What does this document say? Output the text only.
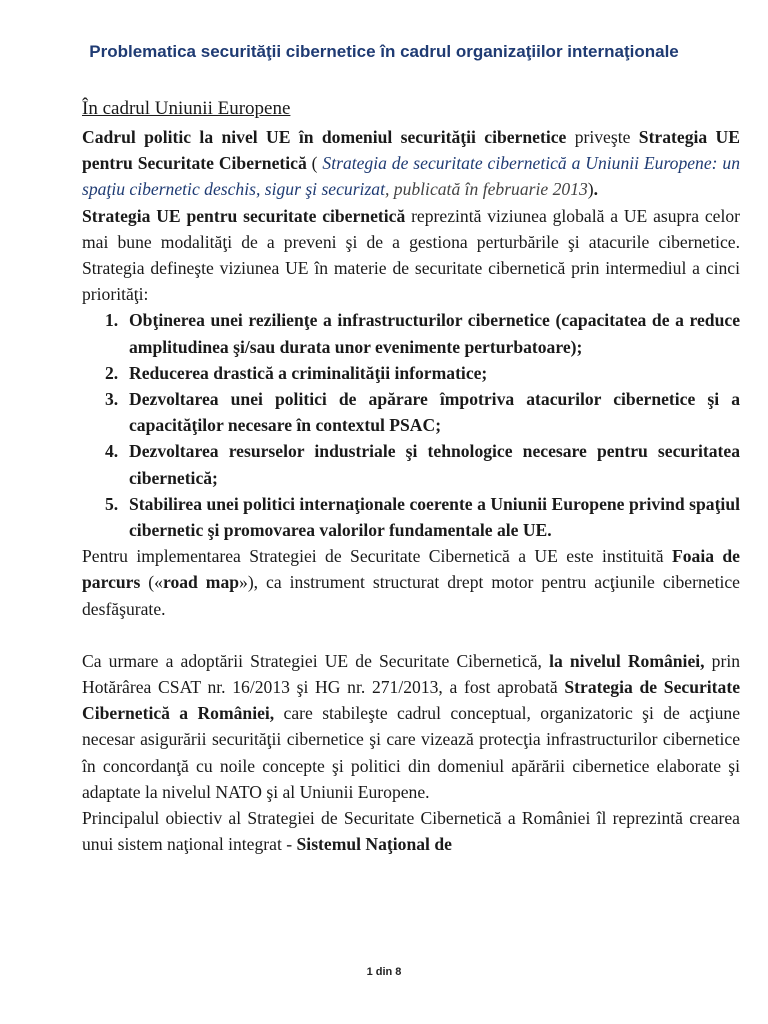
Problematica securităţii cibernetice în cadrul organizaţiilor internaţionale
În cadrul Uniunii Europene

Cadrul politic la nivel UE în domeniul securităţii cibernetice priveşte Strategia UE pentru Securitate Cibernetică ( Strategia de securitate cibernetică a Uniunii Europene: un spaţiu cibernetic deschis, sigur şi securizat, publicată în februarie 2013).

Strategia UE pentru securitate cibernetică reprezintă viziunea globală a UE asupra celor mai bune modalităţi de a preveni şi de a gestiona perturbările şi atacurile cibernetice. Strategia defineşte viziunea UE în materie de securitate cibernetică prin intermediul a cinci priorităţi:

1. Obţinerea unei rezilienţe a infrastructurilor cibernetice (capacitatea de a reduce amplitudinea şi/sau durata unor evenimente perturbatoare);
2. Reducerea drastică a criminalităţii informatice;
3. Dezvoltarea unei politici de apărare împotriva atacurilor cibernetice şi a capacităţilor necesare în contextul PSAC;
4. Dezvoltarea resurselor industriale şi tehnologice necesare pentru securitatea cibernetică;
5. Stabilirea unei politici internaţionale coerente a Uniunii Europene privind spaţiul cibernetic şi promovarea valorilor fundamentale ale UE.

Pentru implementarea Strategiei de Securitate Cibernetică a UE este instituită Foaia de parcurs («road map»), ca instrument structurat drept motor pentru acţiunile cibernetice desfăşurate.

Ca urmare a adoptării Strategiei UE de Securitate Cibernetică, la nivelul României, prin Hotărârea CSAT nr. 16/2013 şi HG nr. 271/2013, a fost aprobată Strategia de Securitate Cibernetică a României, care stabileşte cadrul conceptual, organizatoric şi de acţiune necesar asigurării securităţii cibernetice şi care vizează protecţia infrastructurilor cibernetice în concordanţă cu noile concepte şi politici din domeniul apărării cibernetice elaborate şi adaptate la nivelul NATO şi al Uniunii Europene.

Principalul obiectiv al Strategiei de Securitate Cibernetică a României îl reprezintă crearea unui sistem naţional integrat - Sistemul Naţional de

1 din 8
